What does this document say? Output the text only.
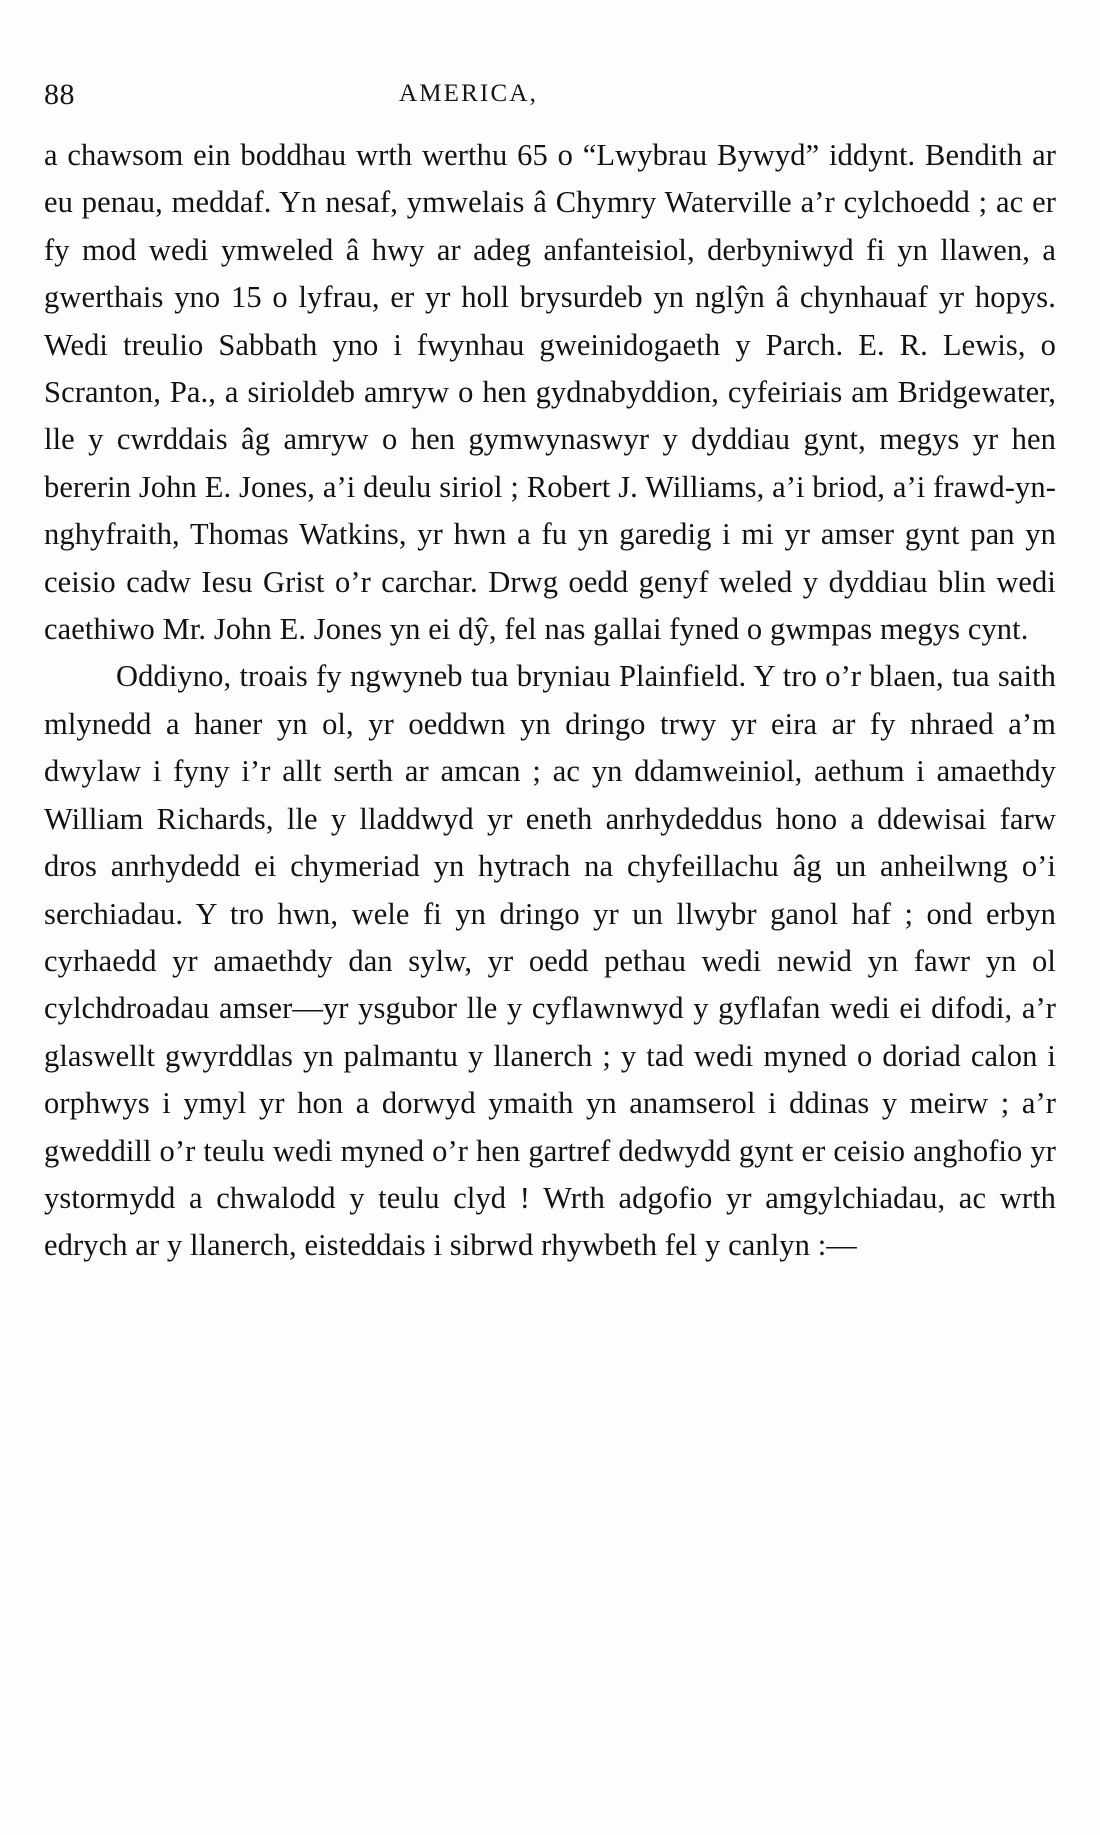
88	AMERICA,

a chawsom ein boddhau wrth werthu 65 o “Lwybrau Bywyd” iddynt. Bendith ar eu penau, meddaf. Yn nesaf, ymwelais â Chymry Waterville a’r cylchoedd ; ac er fy mod wedi ymweled â hwy ar adeg anfanteisiol, derbyniwyd fi yn llawen, a gwerthais yno 15 o lyfrau, er yr holl brysurdeb yn nglŷn â chynhauaf yr hopys. Wedi treulio Sabbath yno i fwynhau gweinidogaeth y Parch. E. R. Lewis, o Scranton, Pa., a sirioldeb amryw o hen gydnabyddion, cyfeiriais am Bridgewater, lle y cwrddais âg amryw o hen gymwynaswyr y dyddiau gynt, megys yr hen bererin John E. Jones, a’i deulu siriol ; Robert J. Williams, a’i briod, a’i frawd-yn-nghyfraith, Thomas Watkins, yr hwn a fu yn garedig i mi yr amser gynt pan yn ceisio cadw Iesu Grist o’r carchar. Drwg oedd genyf weled y dyddiau blin wedi caethiwo Mr. John E. Jones yn ei dŷ, fel nas gallai fyned o gwmpas megys cynt.

Oddiyno, troais fy ngwyneb tua bryniau Plainfield. Y tro o’r blaen, tua saith mlynedd a haner yn ol, yr oeddwn yn dringo trwy yr eira ar fy nhraed a’m dwylaw i fyny i’r allt serth ar amcan ; ac yn ddamweiniol, aethum i amaethdy William Richards, lle y lladdwyd yr eneth anrhydeddus hono a ddewisai farw dros anrhydedd ei chymeriad yn hytrach na chyfeillachu âg un anheilwng o’i serchiadau. Y tro hwn, wele fi yn dringo yr un llwybr ganol haf ; ond erbyn cyrhaedd yr amaethdy dan sylw, yr oedd pethau wedi newid yn fawr yn ol cylchdroadau amser—yr ysgubor lle y cyflawnwyd y gyflafan wedi ei difodi, a’r glaswellt gwyrddlas yn palmantu y llanerch ; y tad wedi myned o doriad calon i orphwys i ymyl yr hon a dorwyd ymaith yn anamserol i ddinas y meirw ; a’r gweddill o’r teulu wedi myned o’r hen gartref dedwydd gynt er ceisio anghofio yr ystormydd a chwalodd y teulu clyd ! Wrth adgofio yr amgylchiadau, ac wrth edrych ar y llanerch, eisteddais i sibrwd rhywbeth fel y canlyn :—
